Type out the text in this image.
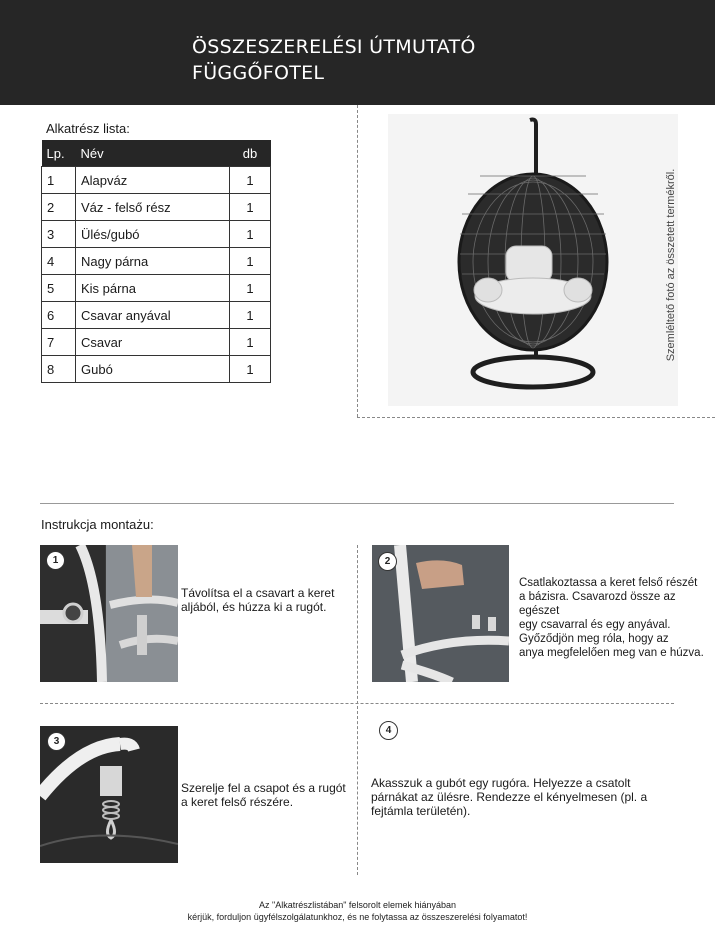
ÖSSZESZERELÉSI ÚTMUTATÓ
FÜGGŐFOTEL
Alkatrész lista:
Lp.	Név	db
1	Alapváz	1
2	Váz - felső rész	1
3	Ülés/gubó	1
4	Nagy párna	1
5	Kis párna	1
6	Csavar anyával	1
7	Csavar	1
8	Gubó	1
Szemléltető fotó az összetett termékről.
Instrukcja montażu:
1
Távolítsa el a csavart a keret
aljából, és húzza ki a rugót.
2
Csatlakoztassa a keret felső részét
a bázisra. Csavarozd össze az egészet
egy csavarral és egy anyával.
Győződjön meg róla, hogy az
anya megfelelően meg van e húzva.
3
Szerelje fel a csapot és a rugót
a keret felső részére.
4
Akasszuk a gubót egy rugóra. Helyezze a csatolt
párnákat az ülésre. Rendezze el kényelmesen (pl. a
fejtámla területén).
Az "Alkatrészlistában" felsorolt elemek hiányában
kérjük, forduljon ügyfélszolgálatunkhoz, és ne folytassa az összeszerelési folyamatot!
